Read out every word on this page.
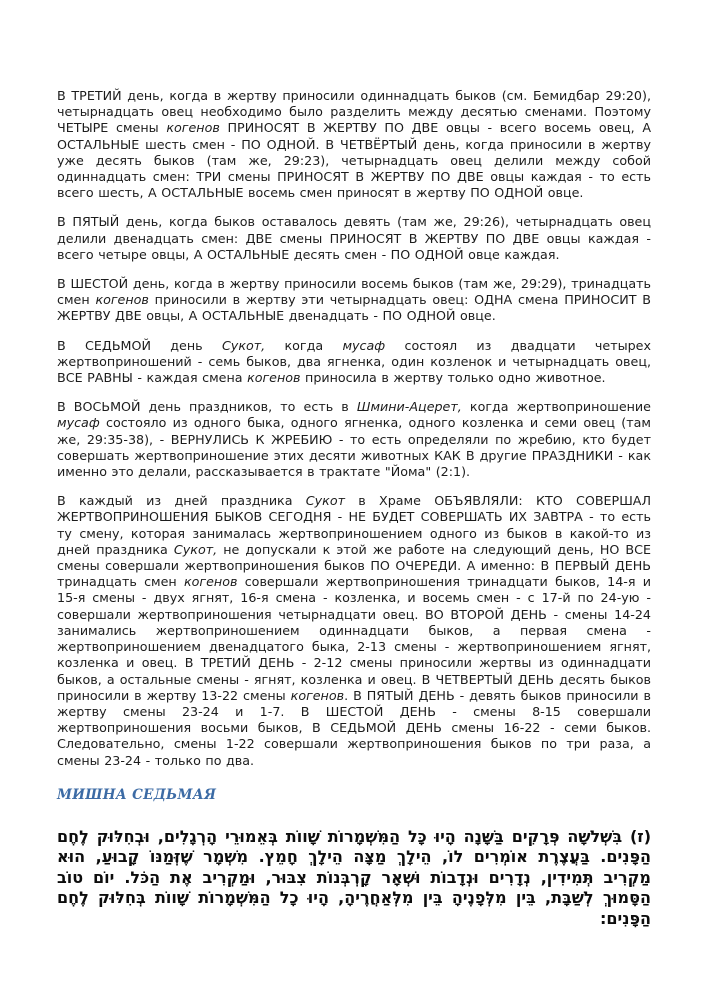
В ТРЕТИЙ день, когда в жертву приносили одиннадцать быков (см. Бемидбар 29:20), четырнадцать овец необходимо было разделить между десятью сменами. Поэтому ЧЕТЫРЕ смены когенов ПРИНОСЯТ В ЖЕРТВУ ПО ДВЕ овцы - всего восемь овец, А ОСТАЛЬНЫЕ шесть смен - ПО ОДНОЙ. В ЧЕТВЁРТЫЙ день, когда приносили в жертву уже десять быков (там же, 29:23), четырнадцать овец делили между собой одиннадцать смен: ТРИ смены ПРИНОСЯТ В ЖЕРТВУ ПО ДВЕ овцы каждая - то есть всего шесть, А ОСТАЛЬНЫЕ восемь смен приносят в жертву ПО ОДНОЙ овце.

В ПЯТЫЙ день, когда быков оставалось девять (там же, 29:26), четырнадцать овец делили двенадцать смен: ДВЕ смены ПРИНОСЯТ В ЖЕРТВУ ПО ДВЕ овцы каждая - всего четыре овцы, А ОСТАЛЬНЫЕ десять смен - ПО ОДНОЙ овце каждая.

В ШЕСТОЙ день, когда в жертву приносили восемь быков (там же, 29:29), тринадцать смен когенов приносили в жертву эти четырнадцать овец: ОДНА смена ПРИНОСИТ В ЖЕРТВУ ДВЕ овцы, А ОСТАЛЬНЫЕ двенадцать - ПО ОДНОЙ овце.

В СЕДЬМОЙ день Сукот, когда мусаф состоял из двадцати четырех жертвоприношений - семь быков, два ягненка, один козленок и четырнадцать овец, ВСЕ РАВНЫ - каждая смена когенов приносила в жертву только одно животное.

В ВОСЬМОЙ день праздников, то есть в Шмини-Ацерет, когда жертвоприношение мусаф состояло из одного быка, одного ягненка, одного козленка и семи овец (там же, 29:35-38), - ВЕРНУЛИСЬ К ЖРЕБИЮ - то есть определяли по жребию, кто будет совершать жертвоприношение этих десяти животных КАК В другие ПРАЗДНИКИ - как именно это делали, рассказывается в трактате "Йома" (2:1).

В каждый из дней праздника Сукот в Храме ОБЪЯВЛЯЛИ: КТО СОВЕРШАЛ ЖЕРТВОПРИНОШЕНИЯ БЫКОВ СЕГОДНЯ - НЕ БУДЕТ СОВЕРШАТЬ ИХ ЗАВТРА - то есть ту смену, которая занималась жертвоприношением одного из быков в какой-то из дней праздника Сукот, не допускали к этой же работе на следующий день, НО ВСЕ смены совершали жертвоприношения быков ПО ОЧЕРЕДИ. А именно: В ПЕРВЫЙ ДЕНЬ тринадцать смен когенов совершали жертвоприношения тринадцати быков, 14-я и 15-я смены - двух ягнят, 16-я смена - козленка, и восемь смен - с 17-й по 24-ую - совершали жертвоприношения четырнадцати овец. ВО ВТОРОЙ ДЕНЬ - смены 14-24 занимались жертвоприношением одиннадцати быков, а первая смена - жертвоприношением двенадцатого быка, 2-13 смены - жертвоприношением ягнят, козленка и овец. В ТРЕТИЙ ДЕНЬ - 2-12 смены приносили жертвы из одиннадцати быков, а остальные смены - ягнят, козленка и овец. В ЧЕТВЕРТЫЙ ДЕНЬ десять быков приносили в жертву 13-22 смены когенов. В ПЯТЫЙ ДЕНЬ - девять быков приносили в жертву смены 23-24 и 1-7. В ШЕСТОЙ ДЕНЬ - смены 8-15 совершали жертвоприношения восьми быков, В СЕДЬМОЙ ДЕНЬ смены 16-22 - семи быков. Следовательно, смены 1-22 совершали жертвоприношения быков по три раза, а смены 23-24 - только по два.

МИШНА СЕДЬМАЯ

(ז) בִּשְׁלשָׁה פְּרָקִים בַּשָּׁנָה הָיוּ כָּל הַמִּשְׁמָרוֹת שָׁווֹת בְּאֵמוּרֵי הָרְגָלִים, וּבְחִלּוּק לֶחֶם הַפָּנִים. בַּעֲצֶרֶת אוֹמְרִים לוֹ, הֵילָךְ מַצָּה הֵילָךְ חָמֵץ. מִשְׁמָר שֶׁזְּמַנּוֹ קָבוּעַ, הוּא מַקְרִיב תְּמִידִין, נְדָרִים וּנְדָבוֹת וּשְׁאָר קָרְבְּנוֹת צִבּוּר, וּמַקְרִיב אֶת הַכֹּל. יוֹם טוֹב הַסָּמוּךְ לְשַׁבָּת, בֵּין מִלְּפָנֶיהָ בֵּין מִלְּאַחֲרֶיהָ, הָיוּ כָל הַמִּשְׁמָרוֹת שָׁווֹת בְּחִלּוּק לֶחֶם הַפָּנִים:
